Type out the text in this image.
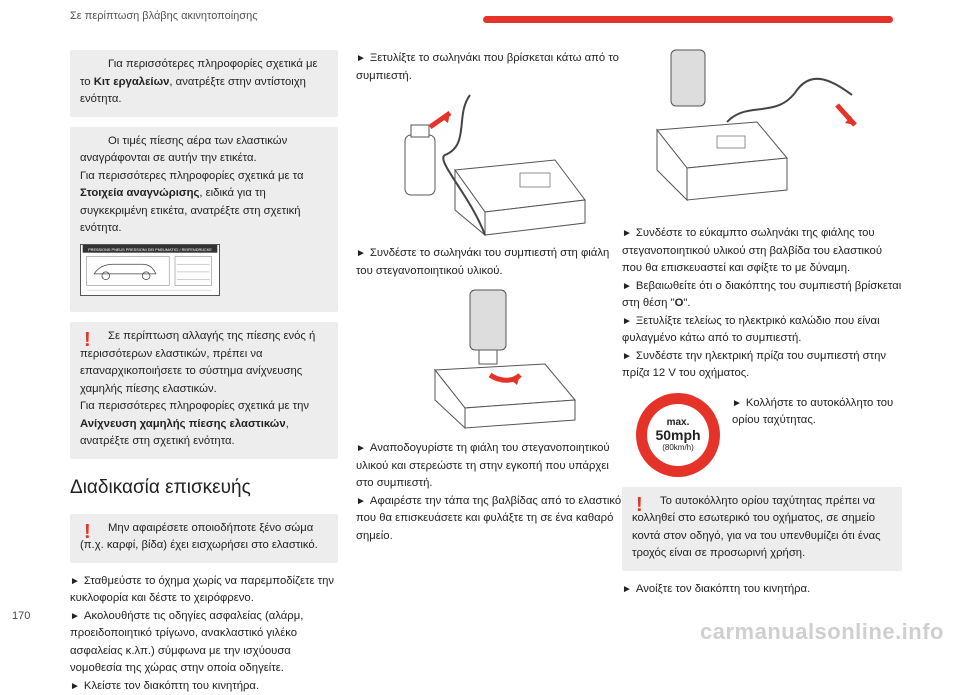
Σε περίπτωση βλάβης ακινητοποίησης

Για περισσότερες πληροφορίες σχετικά με το Κιτ εργαλείων, ανατρέξτε στην αντίστοιχη ενότητα.

Οι τιμές πίεσης αέρα των ελαστικών αναγράφονται σε αυτήν την ετικέτα.

Για περισσότερες πληροφορίες σχετικά με τα Στοιχεία αναγνώρισης, ειδικά για τη συγκεκριμένη ετικέτα, ανατρέξτε στη σχετική ενότητα.

PRESSIONS PNEUS PRESSIONI DEI PNEUMATICI / REIFENDRÜCKE
!	Σε περίπτωση αλλαγής της πίεσης ενός ή περισσότερων ελαστικών, πρέπει να επαναρχικοποιήσετε το σύστημα ανίχνευσης χαμηλής πίεσης ελαστικών.

Για περισσότερες πληροφορίες σχετικά με την Ανίχνευση χαμηλής πίεσης ελαστικών, ανατρέξτε στη σχετική ενότητα.

Διαδικασία επισκευής
!	Μην αφαιρέσετε οποιοδήποτε ξένο σώμα (π.χ. καρφί, βίδα) έχει εισχωρήσει στο ελαστικό.

► Σταθμεύστε το όχημα χωρίς να παρεμποδίζετε την κυκλοφορία και δέστε το χειρόφρενο.

► Ακολουθήστε τις οδηγίες ασφαλείας (αλάρμ, προειδοποιητικό τρίγωνο, ανακλαστικό γιλέκο ασφαλείας κ.λπ.) σύμφωνα με την ισχύουσα νομοθεσία της χώρας στην οποία οδηγείτε.

► Κλείστε τον διακόπτη του κινητήρα.

► Ξετυλίξτε το σωληνάκι που βρίσκεται κάτω από το συμπιεστή.

► Συνδέστε το σωληνάκι του συμπιεστή στη φιάλη του στεγανοποιητικού υλικού.

► Αναποδογυρίστε τη φιάλη του στεγανοποιητικού υλικού και στερεώστε τη στην εγκοπή που υπάρχει στο συμπιεστή.

► Αφαιρέστε την τάπα της βαλβίδας από το ελαστικό που θα επισκευάσετε και φυλάξτε τη σε ένα καθαρό σημείο.

► Συνδέστε το εύκαμπτο σωληνάκι της φιάλης του στεγανοποιητικού υλικού στη βαλβίδα του ελαστικού που θα επισκευαστεί και σφίξτε το με δύναμη.

► Βεβαιωθείτε ότι ο διακόπτης του συμπιεστή βρίσκεται στη θέση "O".

► Ξετυλίξτε τελείως το ηλεκτρικό καλώδιο που είναι φυλαγμένο κάτω από το συμπιεστή.

► Συνδέστε την ηλεκτρική πρίζα του συμπιεστή στην πρίζα 12 V του οχήματος.

max.
50mph
(80km/h)

► Κολλήστε το αυτοκόλλητο του ορίου ταχύτητας.

!	Το αυτοκόλλητο ορίου ταχύτητας πρέπει να κολληθεί στο εσωτερικό του οχήματος, σε σημείο κοντά στον οδηγό, για να του υπενθυμίζει ότι ένας τροχός είναι σε προσωρινή χρήση.

► Ανοίξτε τον διακόπτη του κινητήρα.

170
carmanualsonline.info
